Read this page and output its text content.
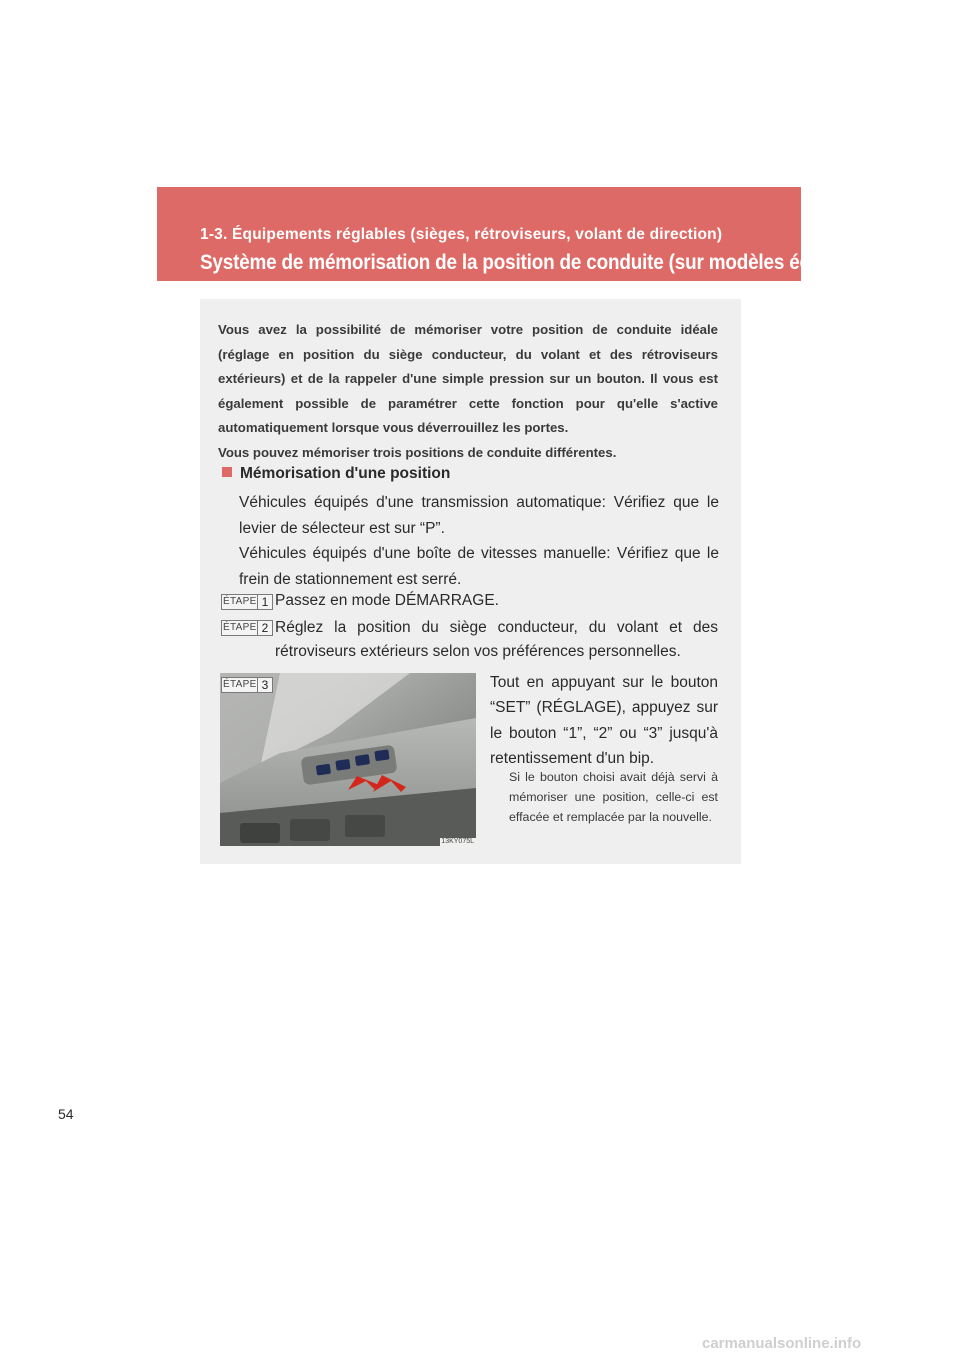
1-3. Équipements réglables (sièges, rétroviseurs, volant de direction)
Système de mémorisation de la position de conduite (sur modèles équipés)

Vous avez la possibilité de mémoriser votre position de conduite idéale (réglage en position du siège conducteur, du volant et des rétroviseurs extérieurs) et de la rappeler d'une simple pression sur un bouton. Il vous est également possible de paramétrer cette fonction pour qu'elle s'active automatiquement lorsque vous déverrouillez les portes.

Vous pouvez mémoriser trois positions de conduite différentes.

Mémorisation d'une position

Véhicules équipés d'une transmission automatique: Vérifiez que le levier de sélecteur est sur “P”.

Véhicules équipés d'une boîte de vitesses manuelle: Vérifiez que le frein de stationnement est serré.

ÉTAPE 1 Passez en mode DÉMARRAGE.
ÉTAPE 2 Réglez la position du siège conducteur, du volant et des rétroviseurs extérieurs selon vos préférences personnelles.
13KY075L
ÉTAPE 3	Tout en appuyant sur le bouton “SET” (RÉGLAGE), appuyez sur le bouton “1”, “2” ou “3” jusqu'à retentissement d'un bip.
Si le bouton choisi avait déjà servi à mémoriser une position, celle-ci est effacée et remplacée par la nouvelle.
54
carmanualsonline.info
